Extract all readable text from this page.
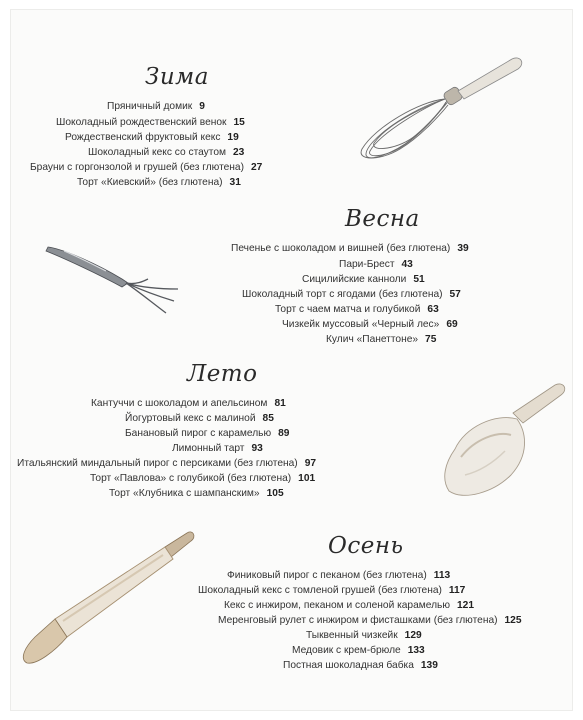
Зима
Пряничный домик 9
Шоколадный рождественский венок 15
Рождественский фруктовый кекс 19
Шоколадный кекс со стаутом 23
Брауни с горгонзолой и грушей (без глютена) 27
Торт «Киевский» (без глютена) 31
Весна
Печенье с шоколадом и вишней (без глютена) 39
Пари-Брест 43
Сицилийские канноли 51
Шоколадный торт с ягодами (без глютена) 57
Торт с чаем матча и голубикой 63
Чизкейк муссовый «Черный лес» 69
Кулич «Панеттоне» 75
Лето
Кантуччи с шоколадом и апельсином 81
Йогуртовый кекс с малиной 85
Банановый пирог с карамелью 89
Лимонный тарт 93
Итальянский миндальный пирог с персиками (без глютена) 97
Торт «Павлова» с голубикой (без глютена) 101
Торт «Клубника с шампанским» 105
Осень
Финиковый пирог с пеканом (без глютена) 113
Шоколадный кекс с томленой грушей (без глютена) 117
Кекс с инжиром, пеканом и соленой карамелью 121
Меренговый рулет с инжиром и фисташками (без глютена) 125
Тыквенный чизкейк 129
Медовик с крем-брюле 133
Постная шоколадная бабка 139
